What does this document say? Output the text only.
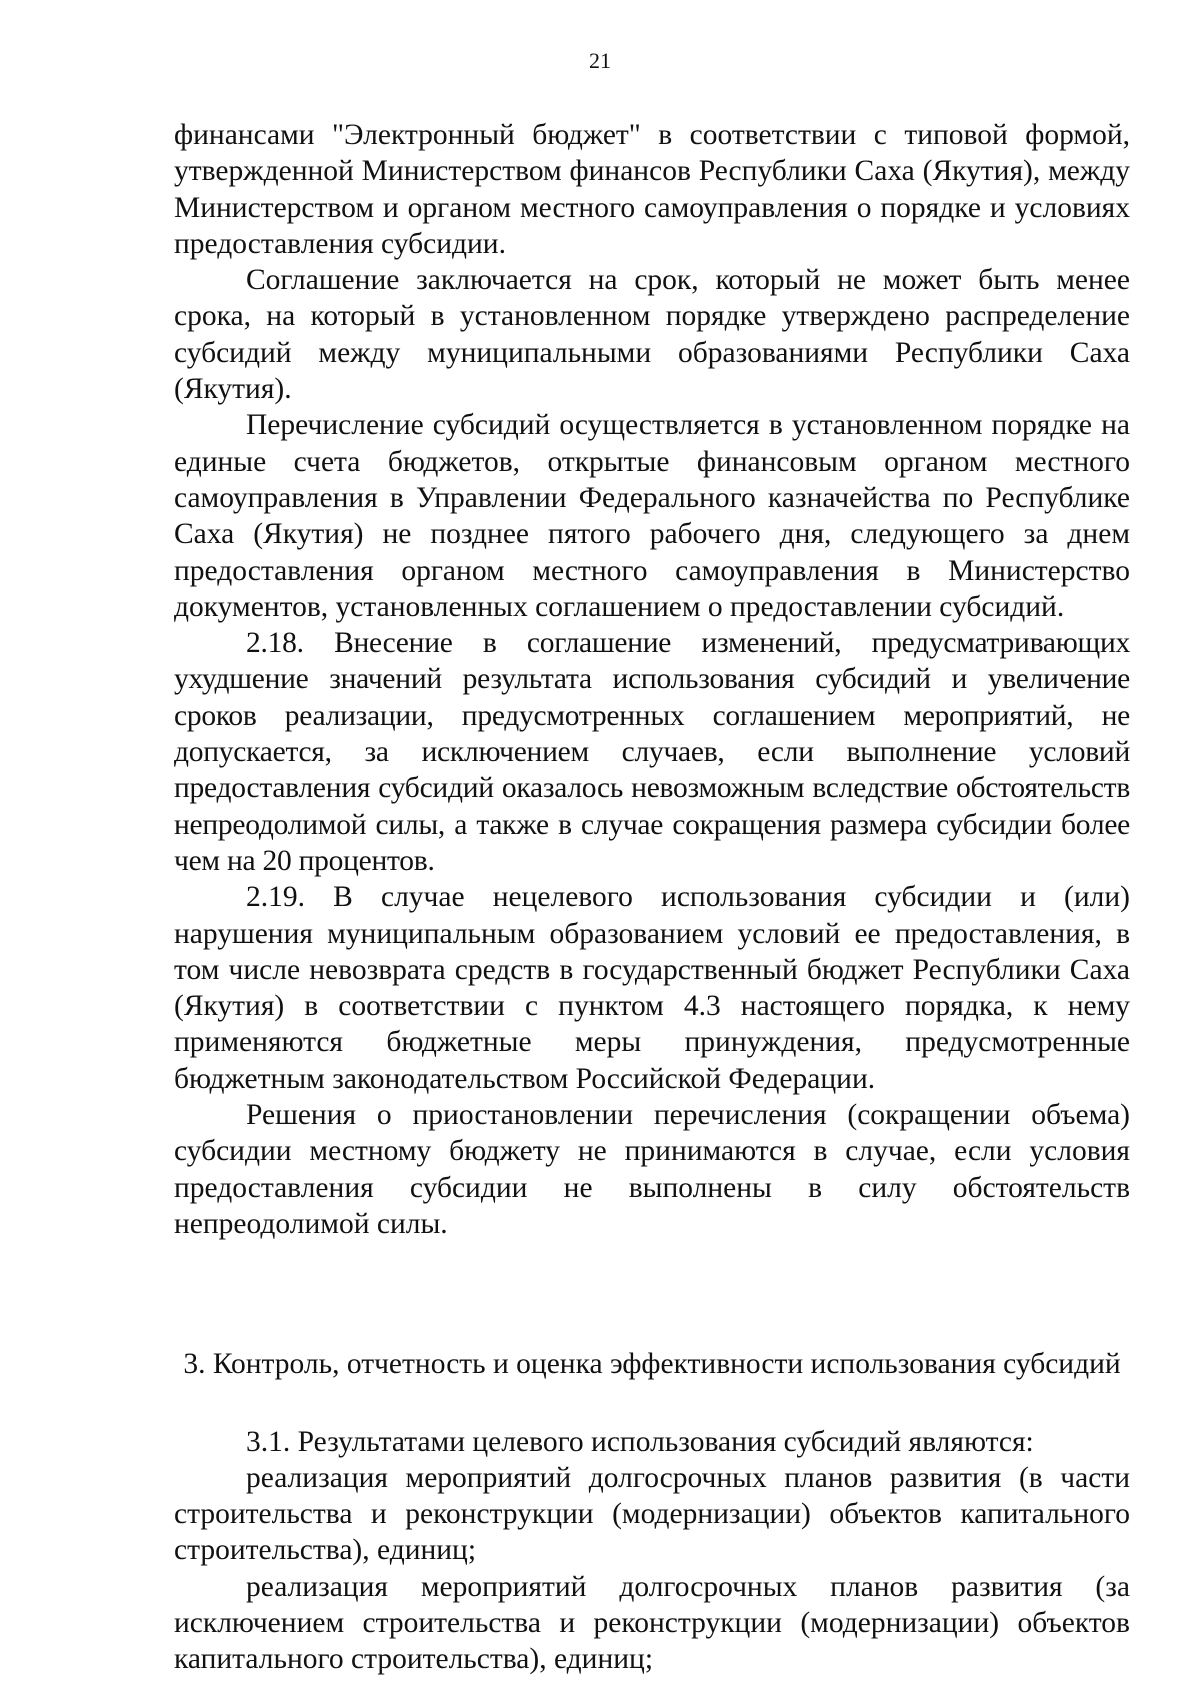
21

финансами "Электронный бюджет" в соответствии с типовой формой, утвержденной Министерством финансов Республики Саха (Якутия), между Министерством и органом местного самоуправления о порядке и условиях предоставления субсидии.

Соглашение заключается на срок, который не может быть менее срока, на который в установленном порядке утверждено распределение субсидий между муниципальными образованиями Республики Саха (Якутия).

Перечисление субсидий осуществляется в установленном порядке на единые счета бюджетов, открытые финансовым органом местного самоуправления в Управлении Федерального казначейства по Республике Саха (Якутия) не позднее пятого рабочего дня, следующего за днем предоставления органом местного самоуправления в Министерство документов, установленных соглашением о предоставлении субсидий.

2.18. Внесение в соглашение изменений, предусматривающих ухудшение значений результата использования субсидий и увеличение сроков реализации, предусмотренных соглашением мероприятий, не допускается, за исключением случаев, если выполнение условий предоставления субсидий оказалось невозможным вследствие обстоятельств непреодолимой силы, а также в случае сокращения размера субсидии более чем на 20 процентов.

2.19. В случае нецелевого использования субсидии и (или) нарушения муниципальным образованием условий ее предоставления, в том числе невозврата средств в государственный бюджет Республики Саха (Якутия) в соответствии с пунктом 4.3 настоящего порядка, к нему применяются бюджетные меры принуждения, предусмотренные бюджетным законодательством Российской Федерации.

Решения о приостановлении перечисления (сокращении объема) субсидии местному бюджету не принимаются в случае, если условия предоставления субсидии не выполнены в силу обстоятельств непреодолимой силы.

3. Контроль, отчетность и оценка эффективности использования субсидий

3.1. Результатами целевого использования субсидий являются:

реализация мероприятий долгосрочных планов развития (в части строительства и реконструкции (модернизации) объектов капитального строительства), единиц;

реализация мероприятий долгосрочных планов развития (за исключением строительства и реконструкции (модернизации) объектов капитального строительства), единиц;
